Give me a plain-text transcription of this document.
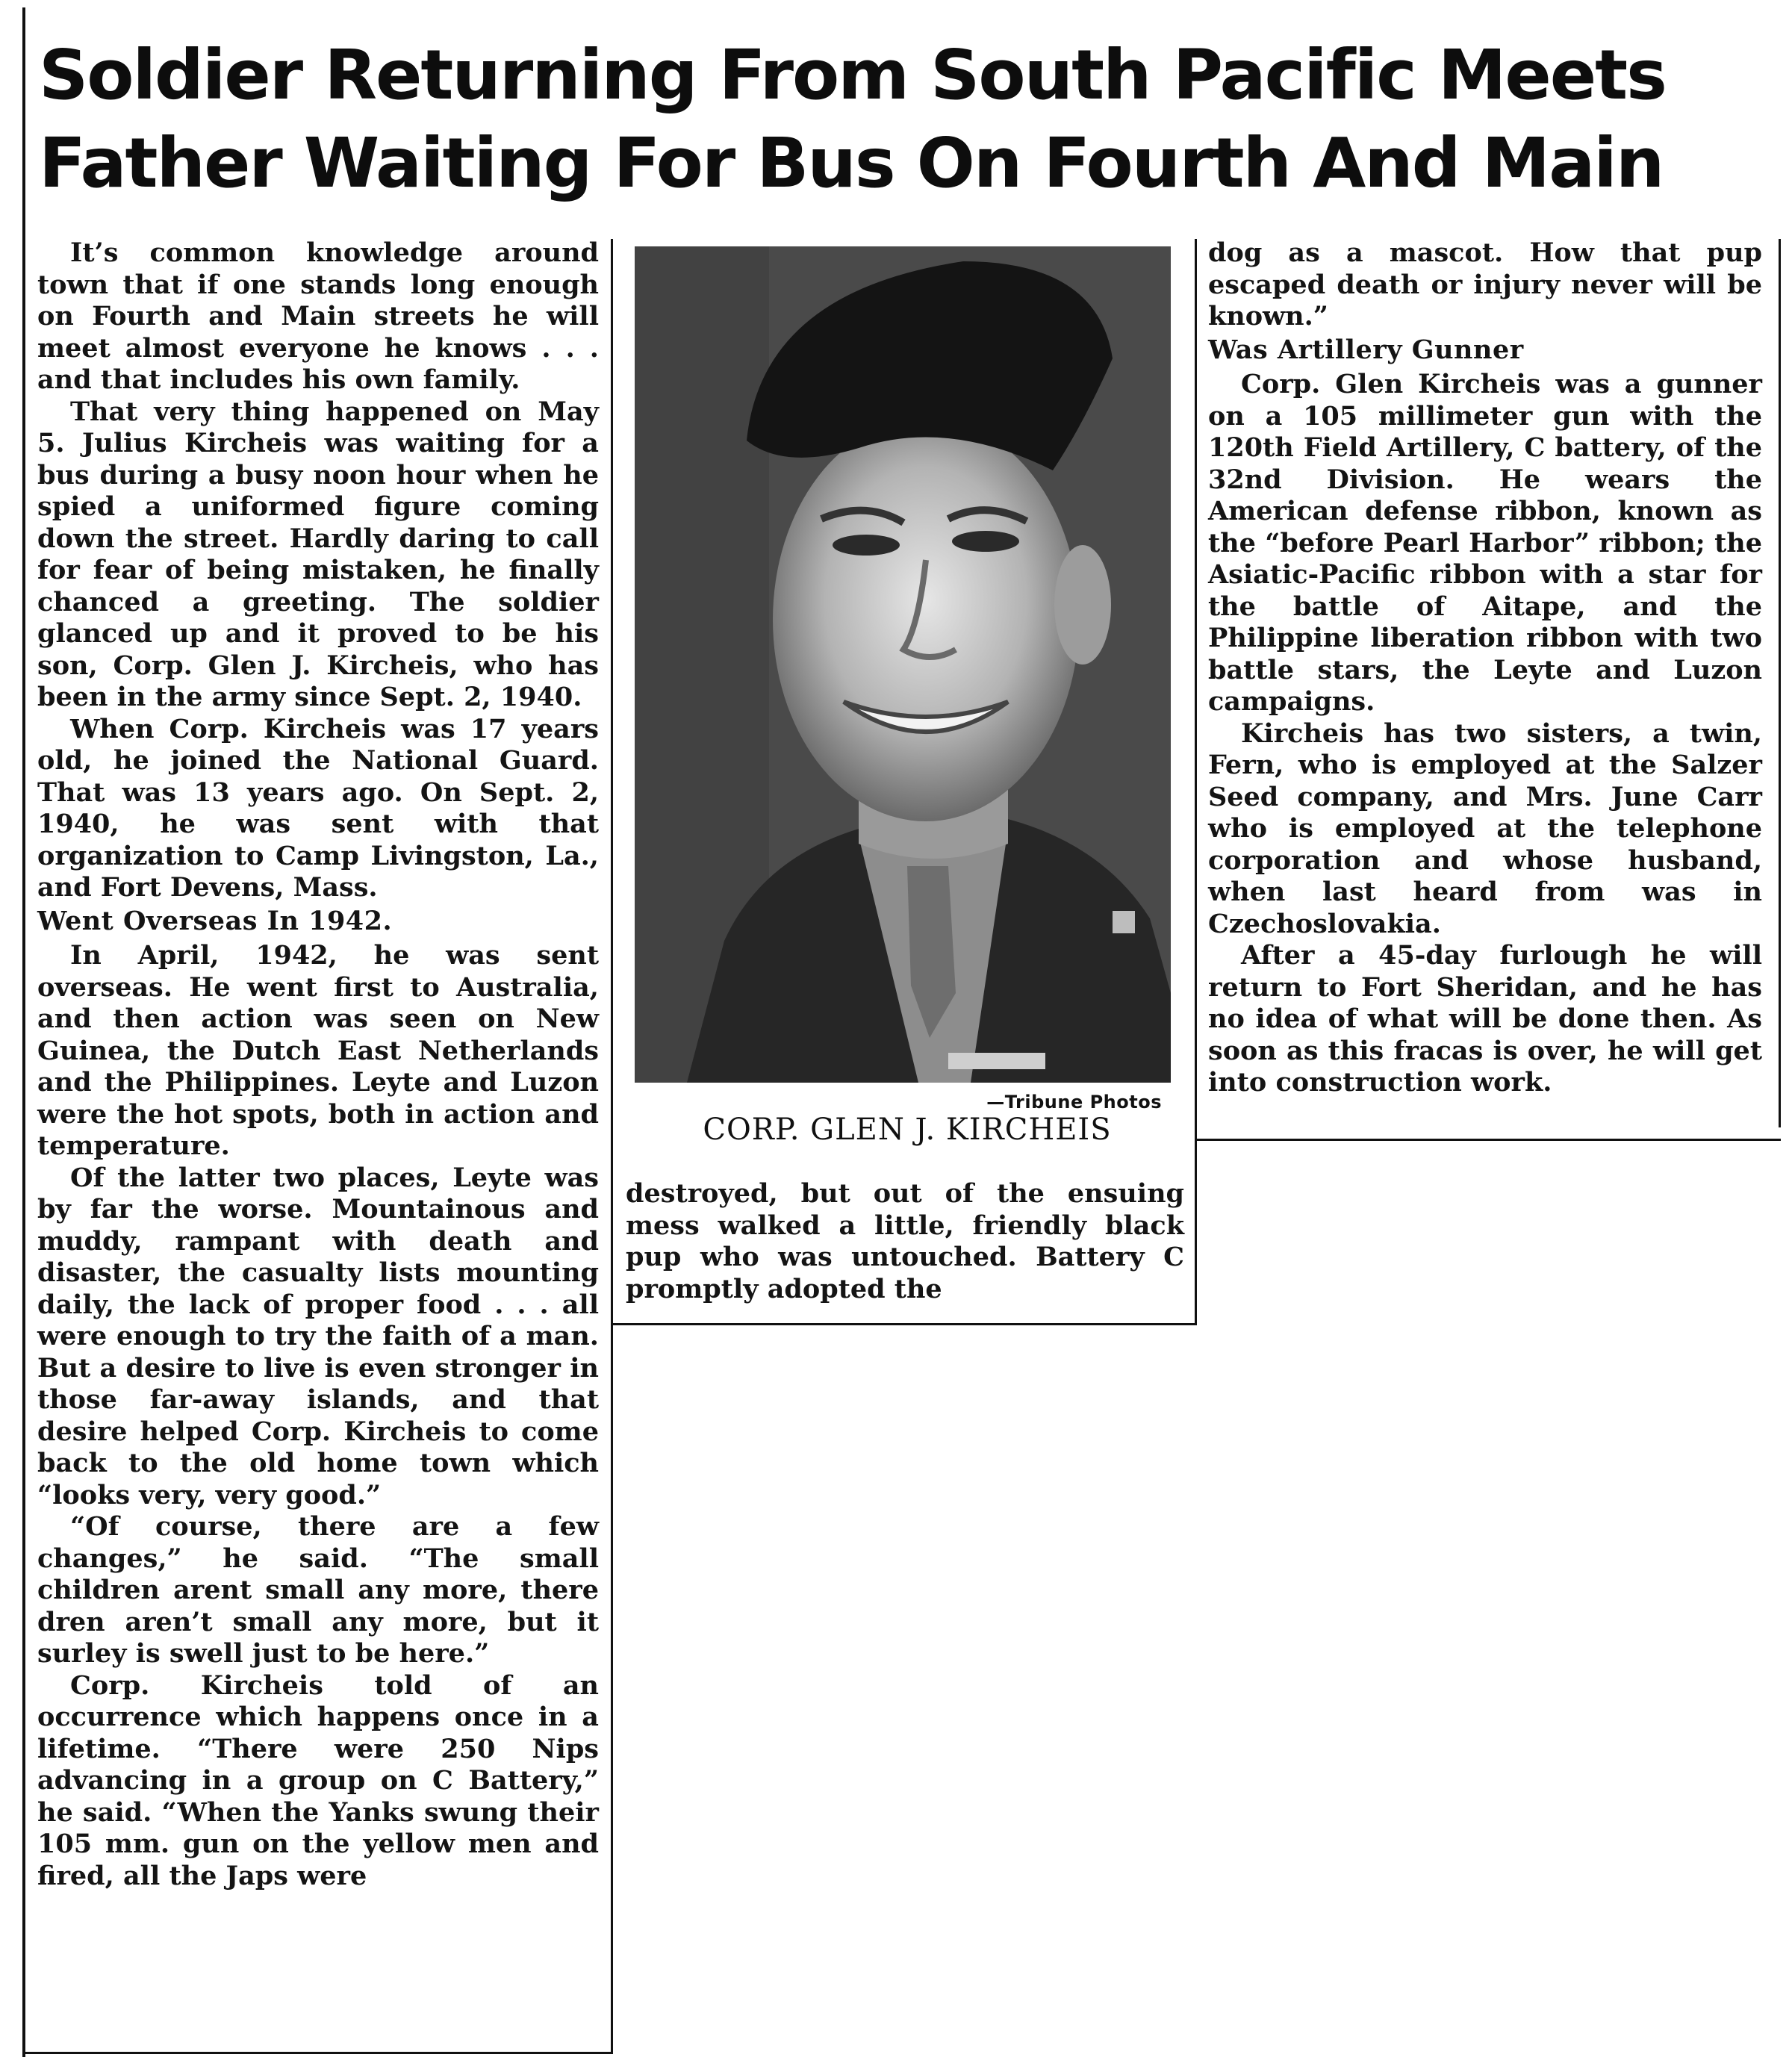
Soldier Returning From South Pacific Meets
Father Waiting For Bus On Fourth And Main

It’s common knowledge around town that if one stands long enough on Fourth and Main streets he will meet almost everyone he knows . . . and that includes his own family.

That very thing happened on May 5. Julius Kircheis was waiting for a bus during a busy noon hour when he spied a uniformed figure coming down the street. Hardly daring to call for fear of being mistaken, he finally chanced a greeting. The soldier glanced up and it proved to be his son, Corp. Glen J. Kircheis, who has been in the army since Sept. 2, 1940.

When Corp. Kircheis was 17 years old, he joined the National Guard. That was 13 years ago. On Sept. 2, 1940, he was sent with that organization to Camp Livingston, La., and Fort Devens, Mass.

Went Overseas In 1942.

In April, 1942, he was sent overseas. He went first to Australia, and then action was seen on New Guinea, the Dutch East Netherlands and the Philippines. Leyte and Luzon were the hot spots, both in action and temperature.

Of the latter two places, Leyte was by far the worse. Mountainous and muddy, rampant with death and disaster, the casualty lists mounting daily, the lack of proper food . . . all were enough to try the faith of a man. But a desire to live is even stronger in those far-away islands, and that desire helped Corp. Kircheis to come back to the old home town which “looks very, very good.”

“Of course, there are a few changes,” he said. “The small children arent small any more, there dren aren’t small any more, but it surley is swell just to be here.”

Corp. Kircheis told of an occurrence which happens once in a lifetime. “There were 250 Nips advancing in a group on C Battery,” he said. “When the Yanks swung their 105 mm. gun on the yellow men and fired, all the Japs were

—Tribune Photos
CORP. GLEN J. KIRCHEIS

destroyed, but out of the ensuing mess walked a little, friendly black pup who was untouched. Battery C promptly adopted the

dog as a mascot. How that pup escaped death or injury never will be known.”

Was Artillery Gunner

Corp. Glen Kircheis was a gunner on a 105 millimeter gun with the 120th Field Artillery, C battery, of the 32nd Division. He wears the American defense ribbon, known as the “before Pearl Harbor” ribbon; the Asiatic-Pacific ribbon with a star for the battle of Aitape, and the Philippine liberation ribbon with two battle stars, the Leyte and Luzon campaigns.

Kircheis has two sisters, a twin, Fern, who is employed at the Salzer Seed company, and Mrs. June Carr who is employed at the telephone corporation and whose husband, when last heard from was in Czechoslovakia.

After a 45-day furlough he will return to Fort Sheridan, and he has no idea of what will be done then. As soon as this fracas is over, he will get into construction work.
